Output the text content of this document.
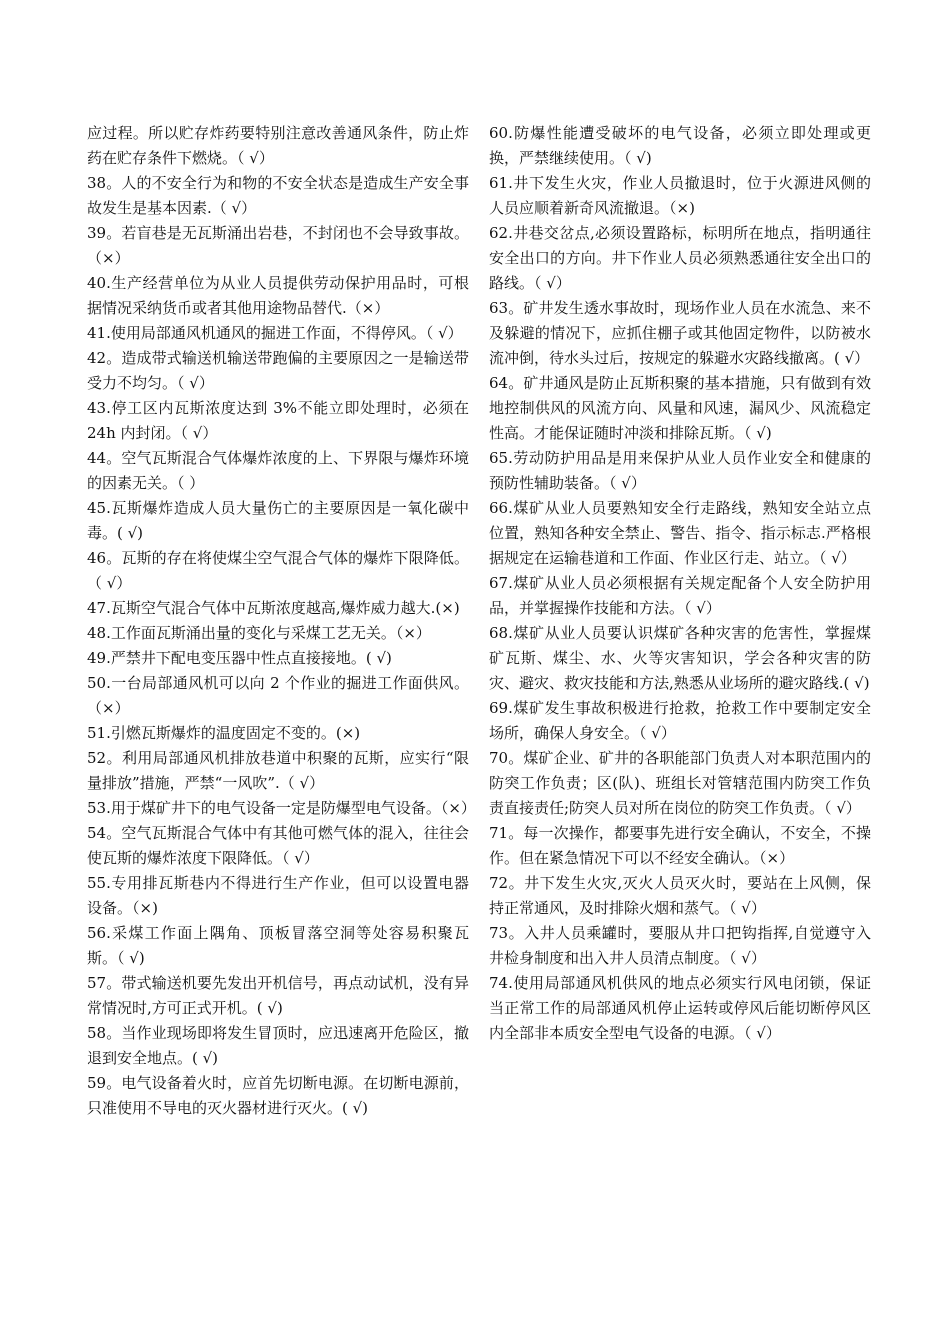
应过程。所以贮存炸药要特别注意改善通风条件，防止炸药在贮存条件下燃烧。（ √）

38。人的不安全行为和物的不安全状态是造成生产安全事故发生是基本因素.（ √）

39。若盲巷是无瓦斯涌出岩巷，不封闭也不会导致事故。（×）

40.生产经营单位为从业人员提供劳动保护用品时，可根据情况采纳货币或者其他用途物品替代.（×）

41.使用局部通风机通风的掘进工作面，不得停风。（ √）

42。造成带式输送机输送带跑偏的主要原因之一是输送带受力不均匀。（ √）

43.停工区内瓦斯浓度达到 3%不能立即处理时，必须在 24h 内封闭。（ √）

44。空气瓦斯混合气体爆炸浓度的上、下界限与爆炸环境的因素无关。（ ）

45.瓦斯爆炸造成人员大量伤亡的主要原因是一氧化碳中毒。( √)

46。瓦斯的存在将使煤尘空气混合气体的爆炸下限降低。（ √）

47.瓦斯空气混合气体中瓦斯浓度越高,爆炸威力越大.(×)

48.工作面瓦斯涌出量的变化与采煤工艺无关。（×）

49.严禁井下配电变压器中性点直接接地。( √)

50.一台局部通风机可以向 2 个作业的掘进工作面供风。（×）

51.引燃瓦斯爆炸的温度固定不变的。(×)

52。利用局部通风机排放巷道中积聚的瓦斯，应实行“限量排放”措施，严禁“一风吹”.（ √）

53.用于煤矿井下的电气设备一定是防爆型电气设备。（×）

54。空气瓦斯混合气体中有其他可燃气体的混入，往往会使瓦斯的爆炸浓度下限降低。（ √）

55.专用排瓦斯巷内不得进行生产作业，但可以设置电器设备。（×)

56.采煤工作面上隅角、顶板冒落空洞等处容易积聚瓦斯。（ √)

57。带式输送机要先发出开机信号，再点动试机，没有异常情况时,方可正式开机。( √)

58。当作业现场即将发生冒顶时，应迅速离开危险区，撤退到安全地点。( √)

59。电气设备着火时，应首先切断电源。在切断电源前，只准使用不导电的灭火器材进行灭火。( √)

60.防爆性能遭受破坏的电气设备，必须立即处理或更换，严禁继续使用。（ √)

61.井下发生火灾，作业人员撤退时，位于火源进风侧的人员应顺着新奇风流撤退。（×)

62.井巷交岔点,必须设置路标，标明所在地点，指明通往安全出口的方向。井下作业人员必须熟悉通往安全出口的路线。（ √）

63。矿井发生透水事故时，现场作业人员在水流急、来不及躲避的情况下，应抓住棚子或其他固定物件，以防被水流冲倒，待水头过后，按规定的躲避水灾路线撤离。( √）

64。矿井通风是防止瓦斯积聚的基本措施，只有做到有效地控制供风的风流方向、风量和风速，漏风少、风流稳定性高。才能保证随时冲淡和排除瓦斯。（ √)

65.劳动防护用品是用来保护从业人员作业安全和健康的预防性辅助装备。（ √）

66.煤矿从业人员要熟知安全行走路线，熟知安全站立点位置，熟知各种安全禁止、警告、指令、指示标志.严格根据规定在运输巷道和工作面、作业区行走、站立。（ √）

67.煤矿从业人员必须根据有关规定配备个人安全防护用品，并掌握操作技能和方法。（ √）

68.煤矿从业人员要认识煤矿各种灾害的危害性，掌握煤矿瓦斯、煤尘、水、火等灾害知识，学会各种灾害的防灾、避灾、救灾技能和方法,熟悉从业场所的避灾路线.( √)

69.煤矿发生事故积极进行抢救，抢救工作中要制定安全场所，确保人身安全。（ √）

70。煤矿企业、矿井的各职能部门负责人对本职范围内的防突工作负责；区(队)、班组长对管辖范围内防突工作负责直接责任;防突人员对所在岗位的防突工作负责。（ √）

71。每一次操作，都要事先进行安全确认，不安全，不操作。但在紧急情况下可以不经安全确认。（×）

72。井下发生火灾,灭火人员灭火时，要站在上风侧，保持正常通风，及时排除火烟和蒸气。（ √）

73。入井人员乘罐时，要服从井口把钩指挥,自觉遵守入井检身制度和出入井人员清点制度。（ √）

74.使用局部通风机供风的地点必须实行风电闭锁，保证当正常工作的局部通风机停止运转或停风后能切断停风区内全部非本质安全型电气设备的电源。（ √）
